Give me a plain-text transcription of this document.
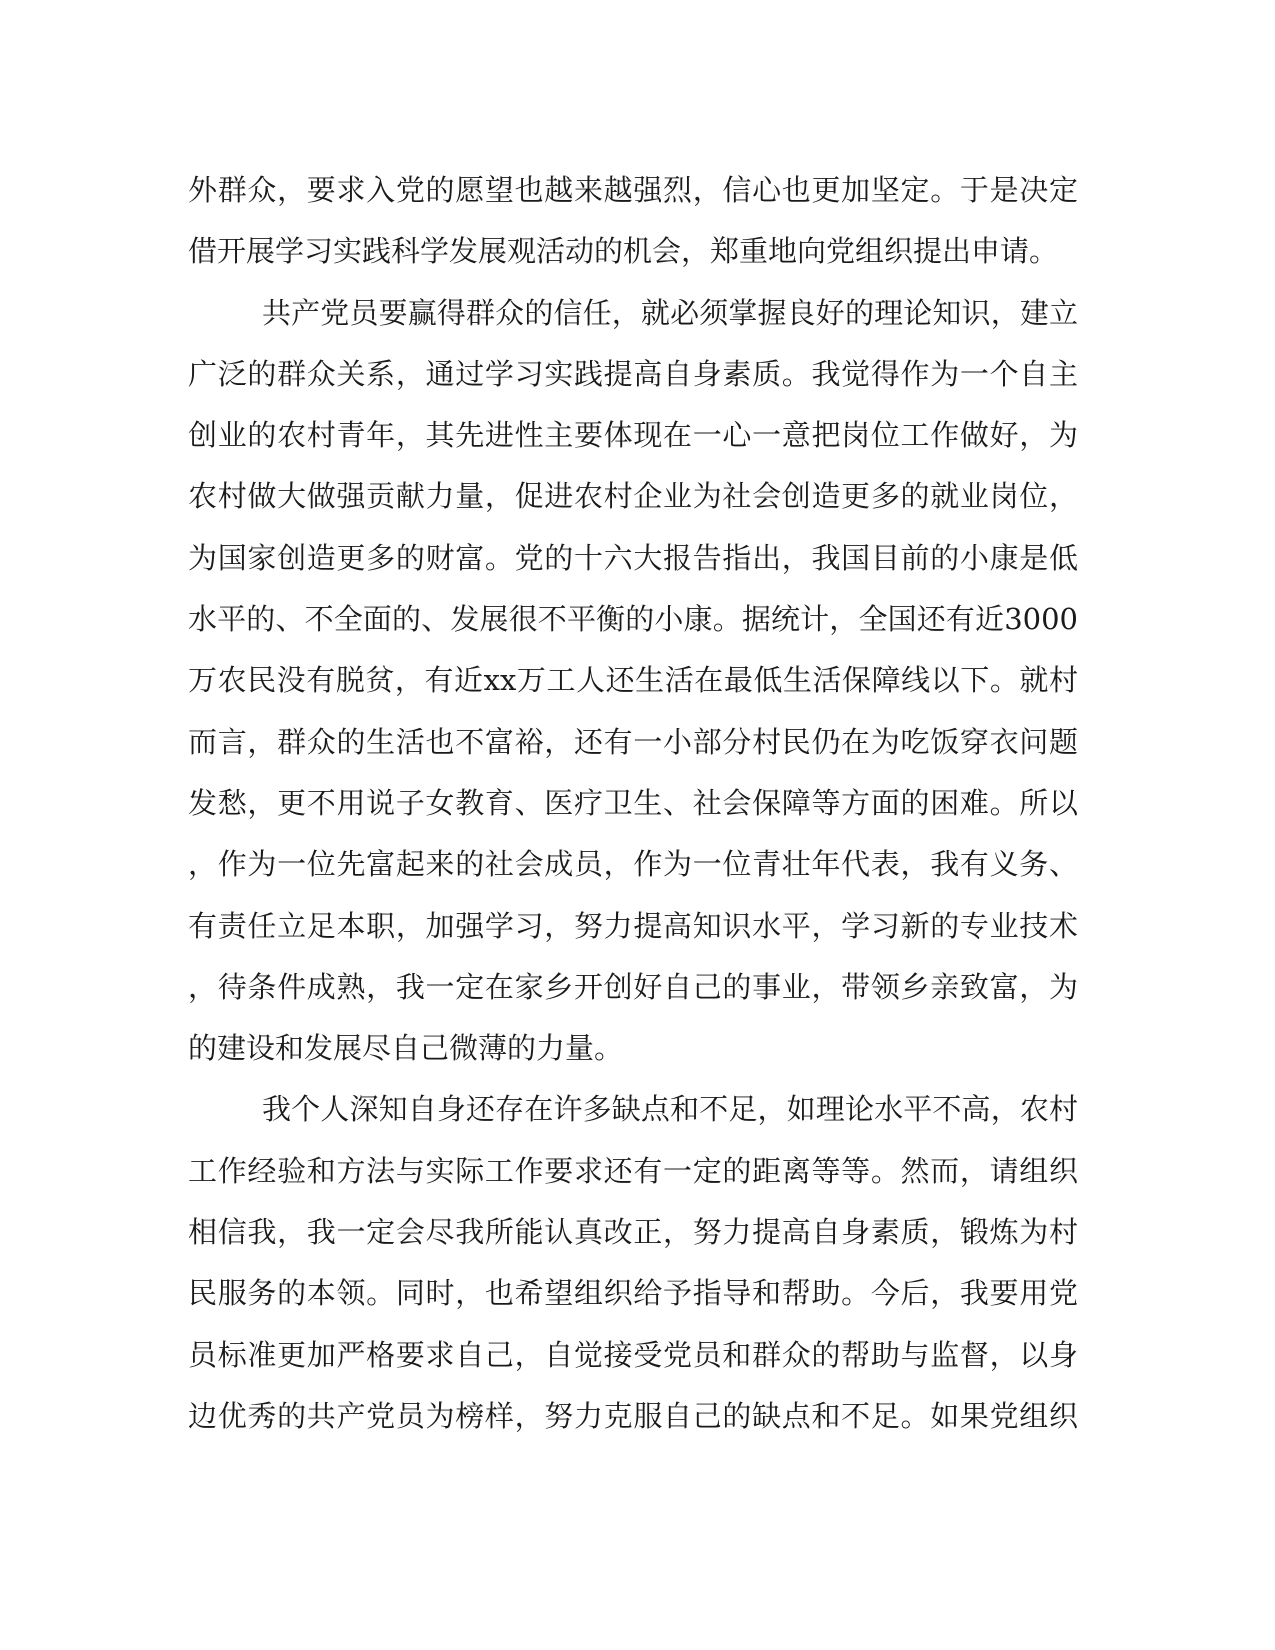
外群众，要求入党的愿望也越来越强烈，信心也更加坚定。于是决定
借开展学习实践科学发展观活动的机会，郑重地向党组织提出申请。
共产党员要赢得群众的信任，就必须掌握良好的理论知识，建立
广泛的群众关系，通过学习实践提高自身素质。我觉得作为一个自主
创业的农村青年，其先进性主要体现在一心一意把岗位工作做好，为
农村做大做强贡献力量，促进农村企业为社会创造更多的就业岗位，
为国家创造更多的财富。党的十六大报告指出，我国目前的小康是低
水平的、不全面的、发展很不平衡的小康。据统计，全国还有近3000
万农民没有脱贫，有近xx万工人还生活在最低生活保障线以下。就村
而言，群众的生活也不富裕，还有一小部分村民仍在为吃饭穿衣问题
发愁，更不用说子女教育、医疗卫生、社会保障等方面的困难。所以
，作为一位先富起来的社会成员，作为一位青壮年代表，我有义务、
有责任立足本职，加强学习，努力提高知识水平，学习新的专业技术
，待条件成熟，我一定在家乡开创好自己的事业，带领乡亲致富，为
的建设和发展尽自己微薄的力量。
我个人深知自身还存在许多缺点和不足，如理论水平不高，农村
工作经验和方法与实际工作要求还有一定的距离等等。然而，请组织
相信我，我一定会尽我所能认真改正，努力提高自身素质，锻炼为村
民服务的本领。同时，也希望组织给予指导和帮助。今后，我要用党
员标准更加严格要求自己，自觉接受党员和群众的帮助与监督，以身
边优秀的共产党员为榜样，努力克服自己的缺点和不足。如果党组织
